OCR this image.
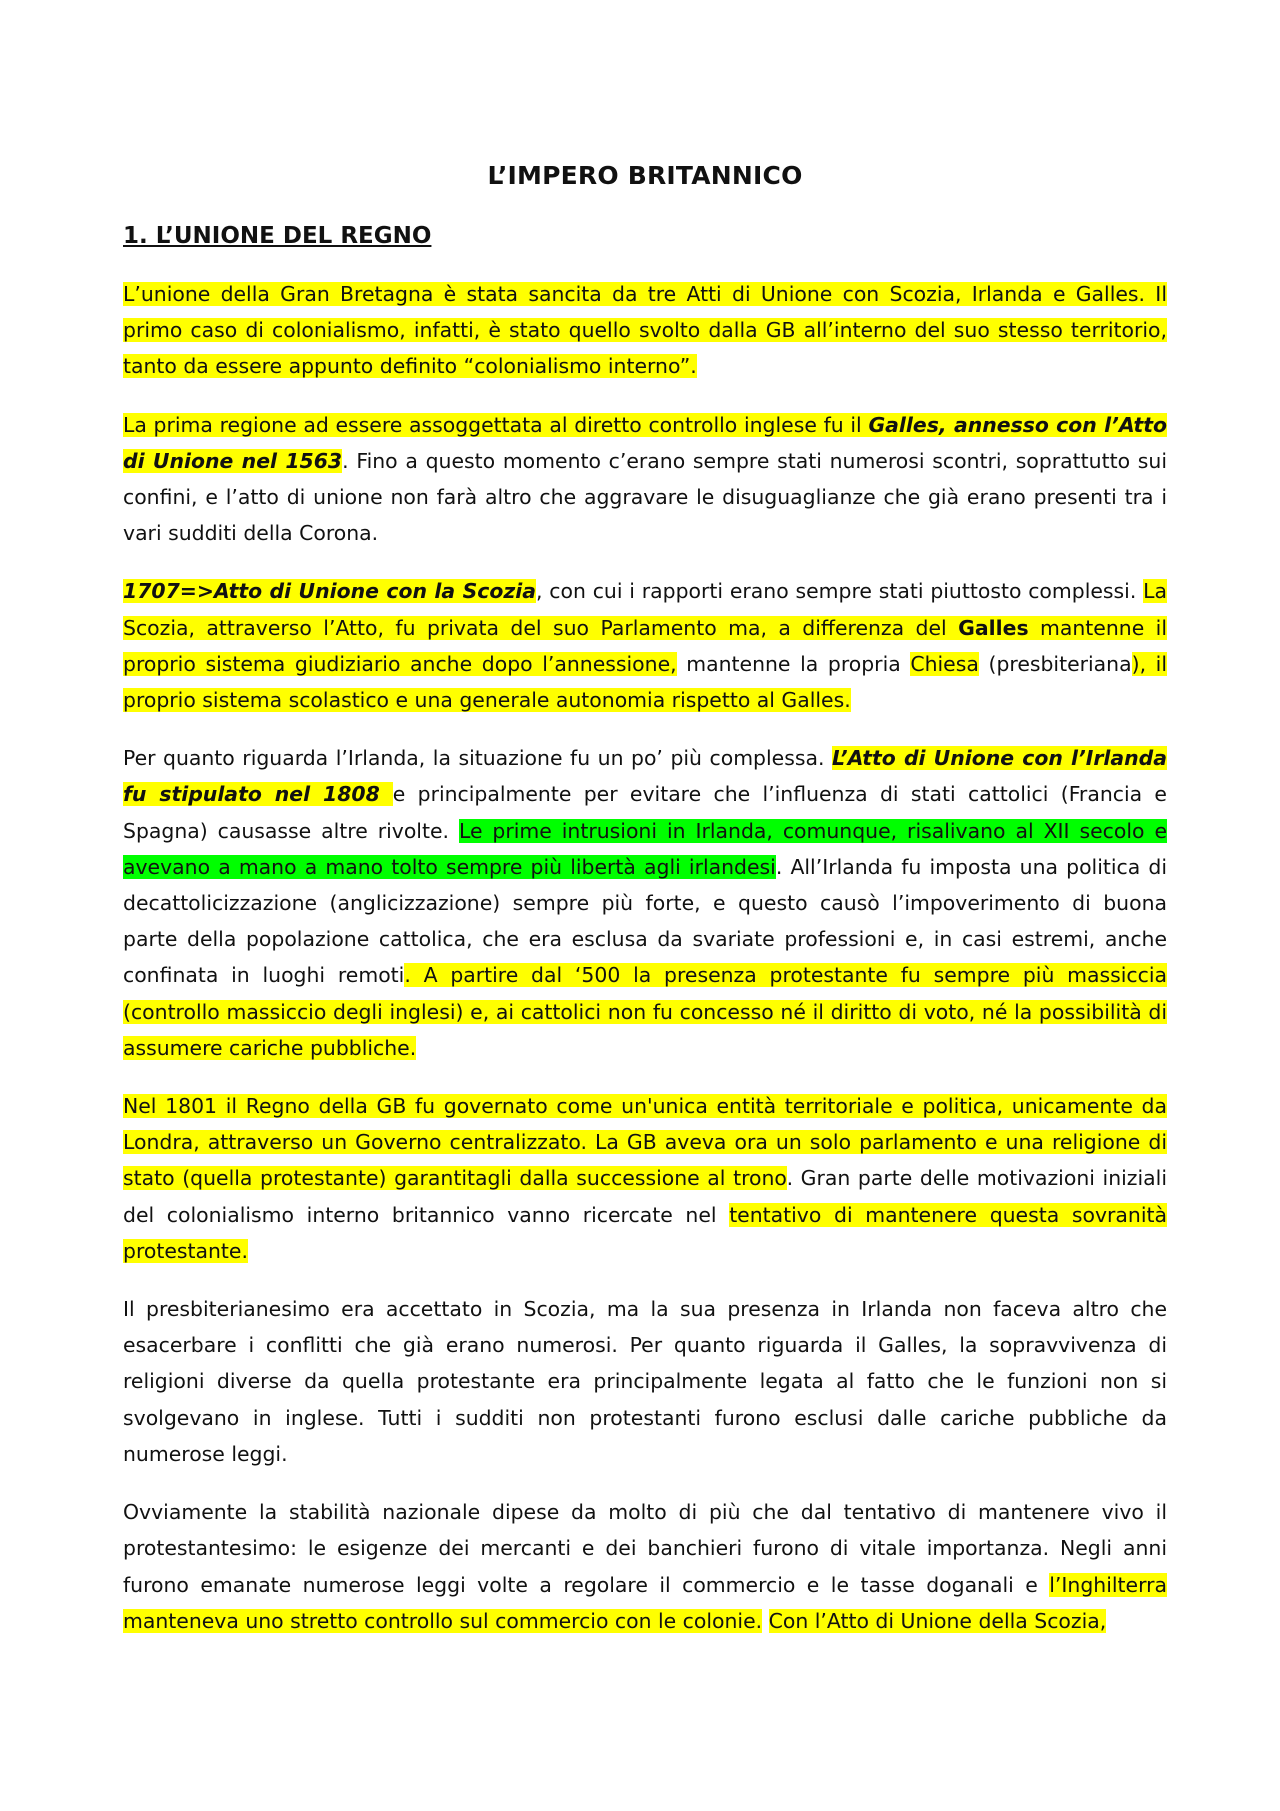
L’IMPERO BRITANNICO
1. L’UNIONE DEL REGNO

L’unione della Gran Bretagna è stata sancita da tre Atti di Unione con Scozia, Irlanda e Galles. Il primo caso di colonialismo, infatti, è stato quello svolto dalla GB all’interno del suo stesso territorio, tanto da essere appunto definito “colonialismo interno”.

La prima regione ad essere assoggettata al diretto controllo inglese fu il Galles, annesso con l’Atto di Unione nel 1563. Fino a questo momento c’erano sempre stati numerosi scontri, soprattutto sui confini, e l’atto di unione non farà altro che aggravare le disuguaglianze che già erano presenti tra i vari sudditi della Corona.

1707=>Atto di Unione con la Scozia, con cui i rapporti erano sempre stati piuttosto complessi. La Scozia, attraverso l’Atto, fu privata del suo Parlamento ma, a differenza del Galles mantenne il proprio sistema giudiziario anche dopo l’annessione, mantenne la propria Chiesa (presbiteriana), il proprio sistema scolastico e una generale autonomia rispetto al Galles.

Per quanto riguarda l’Irlanda, la situazione fu un po’ più complessa. L’Atto di Unione con l’Irlanda fu stipulato nel 1808 e principalmente per evitare che l’influenza di stati cattolici (Francia e Spagna) causasse altre rivolte. Le prime intrusioni in Irlanda, comunque, risalivano al XII secolo e avevano a mano a mano tolto sempre più libertà agli irlandesi. All’Irlanda fu imposta una politica di decattolicizzazione (anglicizzazione) sempre più forte, e questo causò l’impoverimento di buona parte della popolazione cattolica, che era esclusa da svariate professioni e, in casi estremi, anche confinata in luoghi remoti. A partire dal ‘500 la presenza protestante fu sempre più massiccia (controllo massiccio degli inglesi) e, ai cattolici non fu concesso né il diritto di voto, né la possibilità di assumere cariche pubbliche.

Nel 1801 il Regno della GB fu governato come un'unica entità territoriale e politica, unicamente da Londra, attraverso un Governo centralizzato. La GB aveva ora un solo parlamento e una religione di stato (quella protestante) garantitagli dalla successione al trono. Gran parte delle motivazioni iniziali del colonialismo interno britannico vanno ricercate nel tentativo di mantenere questa sovranità protestante.

Il presbiterianesimo era accettato in Scozia, ma la sua presenza in Irlanda non faceva altro che esacerbare i conflitti che già erano numerosi. Per quanto riguarda il Galles, la sopravvivenza di religioni diverse da quella protestante era principalmente legata al fatto che le funzioni non si svolgevano in inglese. Tutti i sudditi non protestanti furono esclusi dalle cariche pubbliche da numerose leggi.

Ovviamente la stabilità nazionale dipese da molto di più che dal tentativo di mantenere vivo il protestantesimo: le esigenze dei mercanti e dei banchieri furono di vitale importanza. Negli anni furono emanate numerose leggi volte a regolare il commercio e le tasse doganali e l’Inghilterra manteneva uno stretto controllo sul commercio con le colonie. Con l’Atto di Unione della Scozia,
